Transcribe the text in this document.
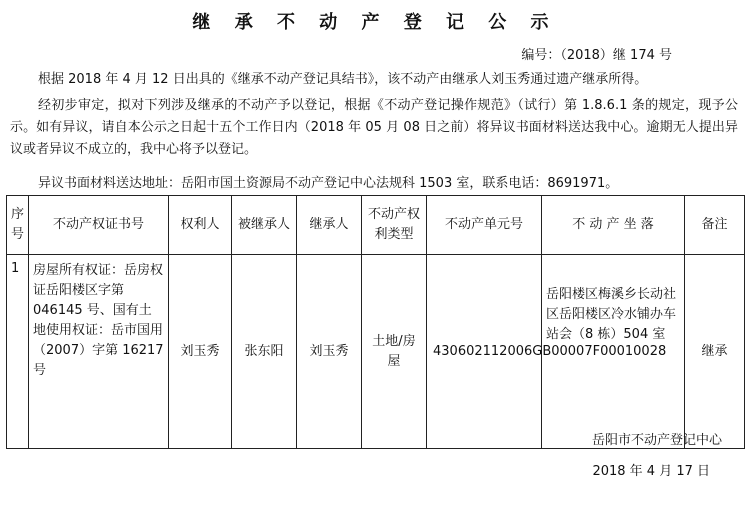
继 承 不 动 产 登 记 公 示
编号：（2018）继 174 号
根据 2018 年 4 月 12 日出具的《继承不动产登记具结书》，该不动产由继承人刘玉秀通过遗产继承所得。
经初步审定，拟对下列涉及继承的不动产予以登记，根据《不动产登记操作规范》（试行）第 1.8.6.1 条的规定，现予公示。如有异议，请自本公示之日起十五个工作日内（2018 年 05 月 08 日之前）将异议书面材料送达我中心。逾期无人提出异议或者异议不成立的，我中心将予以登记。
异议书面材料送达地址：岳阳市国土资源局不动产登记中心法规科 1503 室，联系电话：8691971。
序号	不动产权证书号	权利人	被继承人	继承人	不动产权利类型	不动产单元号	不 动 产 坐 落	备注
1	房屋所有权证：岳房权证岳阳楼区字第 046145 号、国有土地使用权证：岳市国用（2007）字第 16217 号	刘玉秀	张东阳	刘玉秀	土地/房屋	430602112006GB00007F00010028	岳阳楼区梅溪乡长动社区岳阳楼区冷水铺办车站会（8 栋）504 室	继承
岳阳市不动产登记中心
2018 年 4 月 17 日
